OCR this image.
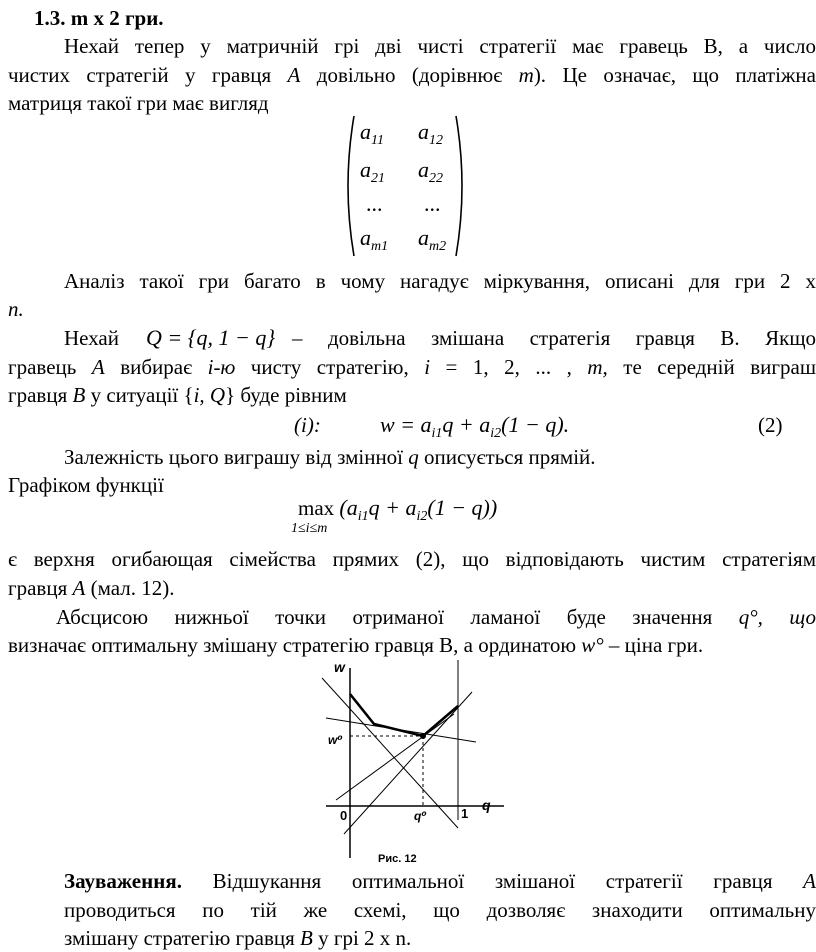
1.3. m x 2 гри.
Нехай тепер у матричній грі дві чисті стратегії має гравець В, а число
чистих стратегій у гравця A довільно (дорівнює m). Це означає, що платіжна
матриця такої гри має вигляд
$a_{11}$ $a_{12}$
$a_{21}$ $a_{22}$
... ...
$a_{m1}$ $a_{m2}$
Аналіз такої гри багато в чому нагадує міркування, описані для гри 2 х
n.
Нехай Q = {q, 1 − q} – довільна змішана стратегія гравця В. Якщо
гравець A вибирає i-ю чисту стратегію, i = 1, 2, ... , m, те середній виграш
гравця B у ситуації {i, Q} буде рівним
(i):	$w = a_{i1}q + a_{i2}(1 - q)$.	(2)
Залежність цього виграшу від змінної q описується прямій.
Графіком функції
$\max (a_{i1}q + a_{i2}(1 - q))$
1≤i≤m
є верхня огибающая сімейства прямих (2), що відповідають чистим стратегіям
гравця A (мал. 12).
Абсцисою нижньої точки отриманої ламаної буде значення q°, що
визначає оптимальну змішану стратегію гравця В, а ординатою w° – ціна гри.
w
q
w⁰
0	q⁰	1
Рис. 12
Зауваження. Відшукання оптимальної змішаної стратегії гравця A
проводиться по тій же схемі, що дозволяє знаходити оптимальну
змішану стратегію гравця B у грі 2 х n.
